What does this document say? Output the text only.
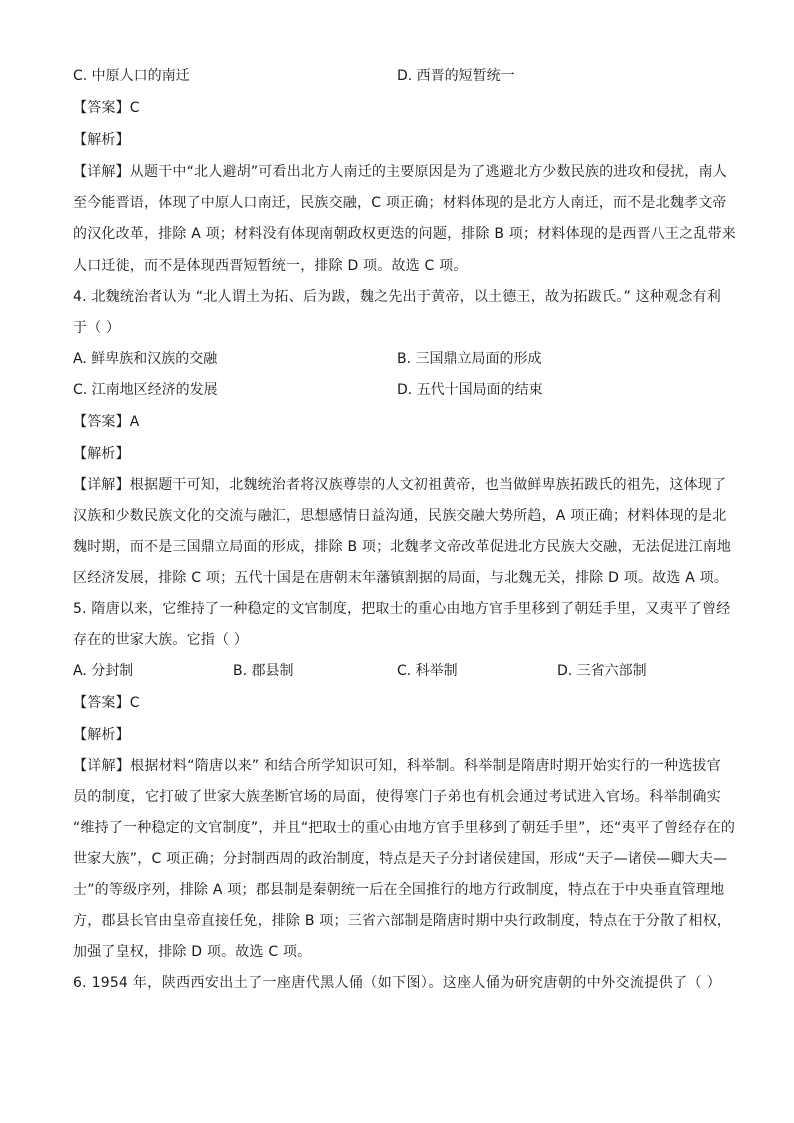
C. 中原人口的南迁	D. 西晋的短暂统一
【答案】C
【解析】
【详解】从题干中“北人避胡”可看出北方人南迁的主要原因是为了逃避北方少数民族的进攻和侵扰，南人
至今能晋语，体现了中原人口南迁，民族交融，C 项正确；材料体现的是北方人南迁，而不是北魏孝文帝
的汉化改革，排除 A 项；材料没有体现南朝政权更迭的问题，排除 B 项；材料体现的是西晋八王之乱带来
人口迁徙，而不是体现西晋短暂统一，排除 D 项。故选 C 项。
4. 北魏统治者认为 “北人谓土为拓、后为跋，魏之先出于黄帝，以土德王，故为拓跋氏。” 这种观念有利
于（ ）
A. 鲜卑族和汉族的交融	B. 三国鼎立局面的形成
C. 江南地区经济的发展	D. 五代十国局面的结束
【答案】A
【解析】
【详解】根据题干可知，北魏统治者将汉族尊崇的人文初祖黄帝，也当做鲜卑族拓跋氏的祖先，这体现了
汉族和少数民族文化的交流与融汇，思想感情日益沟通，民族交融大势所趋，A 项正确；材料体现的是北
魏时期，而不是三国鼎立局面的形成，排除 B 项；北魏孝文帝改革促进北方民族大交融，无法促进江南地
区经济发展，排除 C 项；五代十国是在唐朝末年藩镇割据的局面，与北魏无关，排除 D 项。故选 A 项。
5. 隋唐以来，它维持了一种稳定的文官制度，把取士的重心由地方官手里移到了朝廷手里，又夷平了曾经
存在的世家大族。它指（ ）
A. 分封制	B. 郡县制	C. 科举制	D. 三省六部制
【答案】C
【解析】
【详解】根据材料“隋唐以来” 和结合所学知识可知，科举制。科举制是隋唐时期开始实行的一种选拔官
员的制度，它打破了世家大族垄断官场的局面，使得寒门子弟也有机会通过考试进入官场。科举制确实
“维持了一种稳定的文官制度”，并且“把取士的重心由地方官手里移到了朝廷手里”，还“夷平了曾经存在的
世家大族”，C 项正确；分封制西周的政治制度，特点是天子分封诸侯建国，形成“天子—诸侯—卿大夫—
士”的等级序列，排除 A 项；郡县制是秦朝统一后在全国推行的地方行政制度，特点在于中央垂直管理地
方，郡县长官由皇帝直接任免，排除 B 项；三省六部制是隋唐时期中央行政制度，特点在于分散了相权，
加强了皇权，排除 D 项。故选 C 项。
6. 1954 年，陕西西安出土了一座唐代黑人俑（如下图）。这座人俑为研究唐朝的中外交流提供了（ ）
